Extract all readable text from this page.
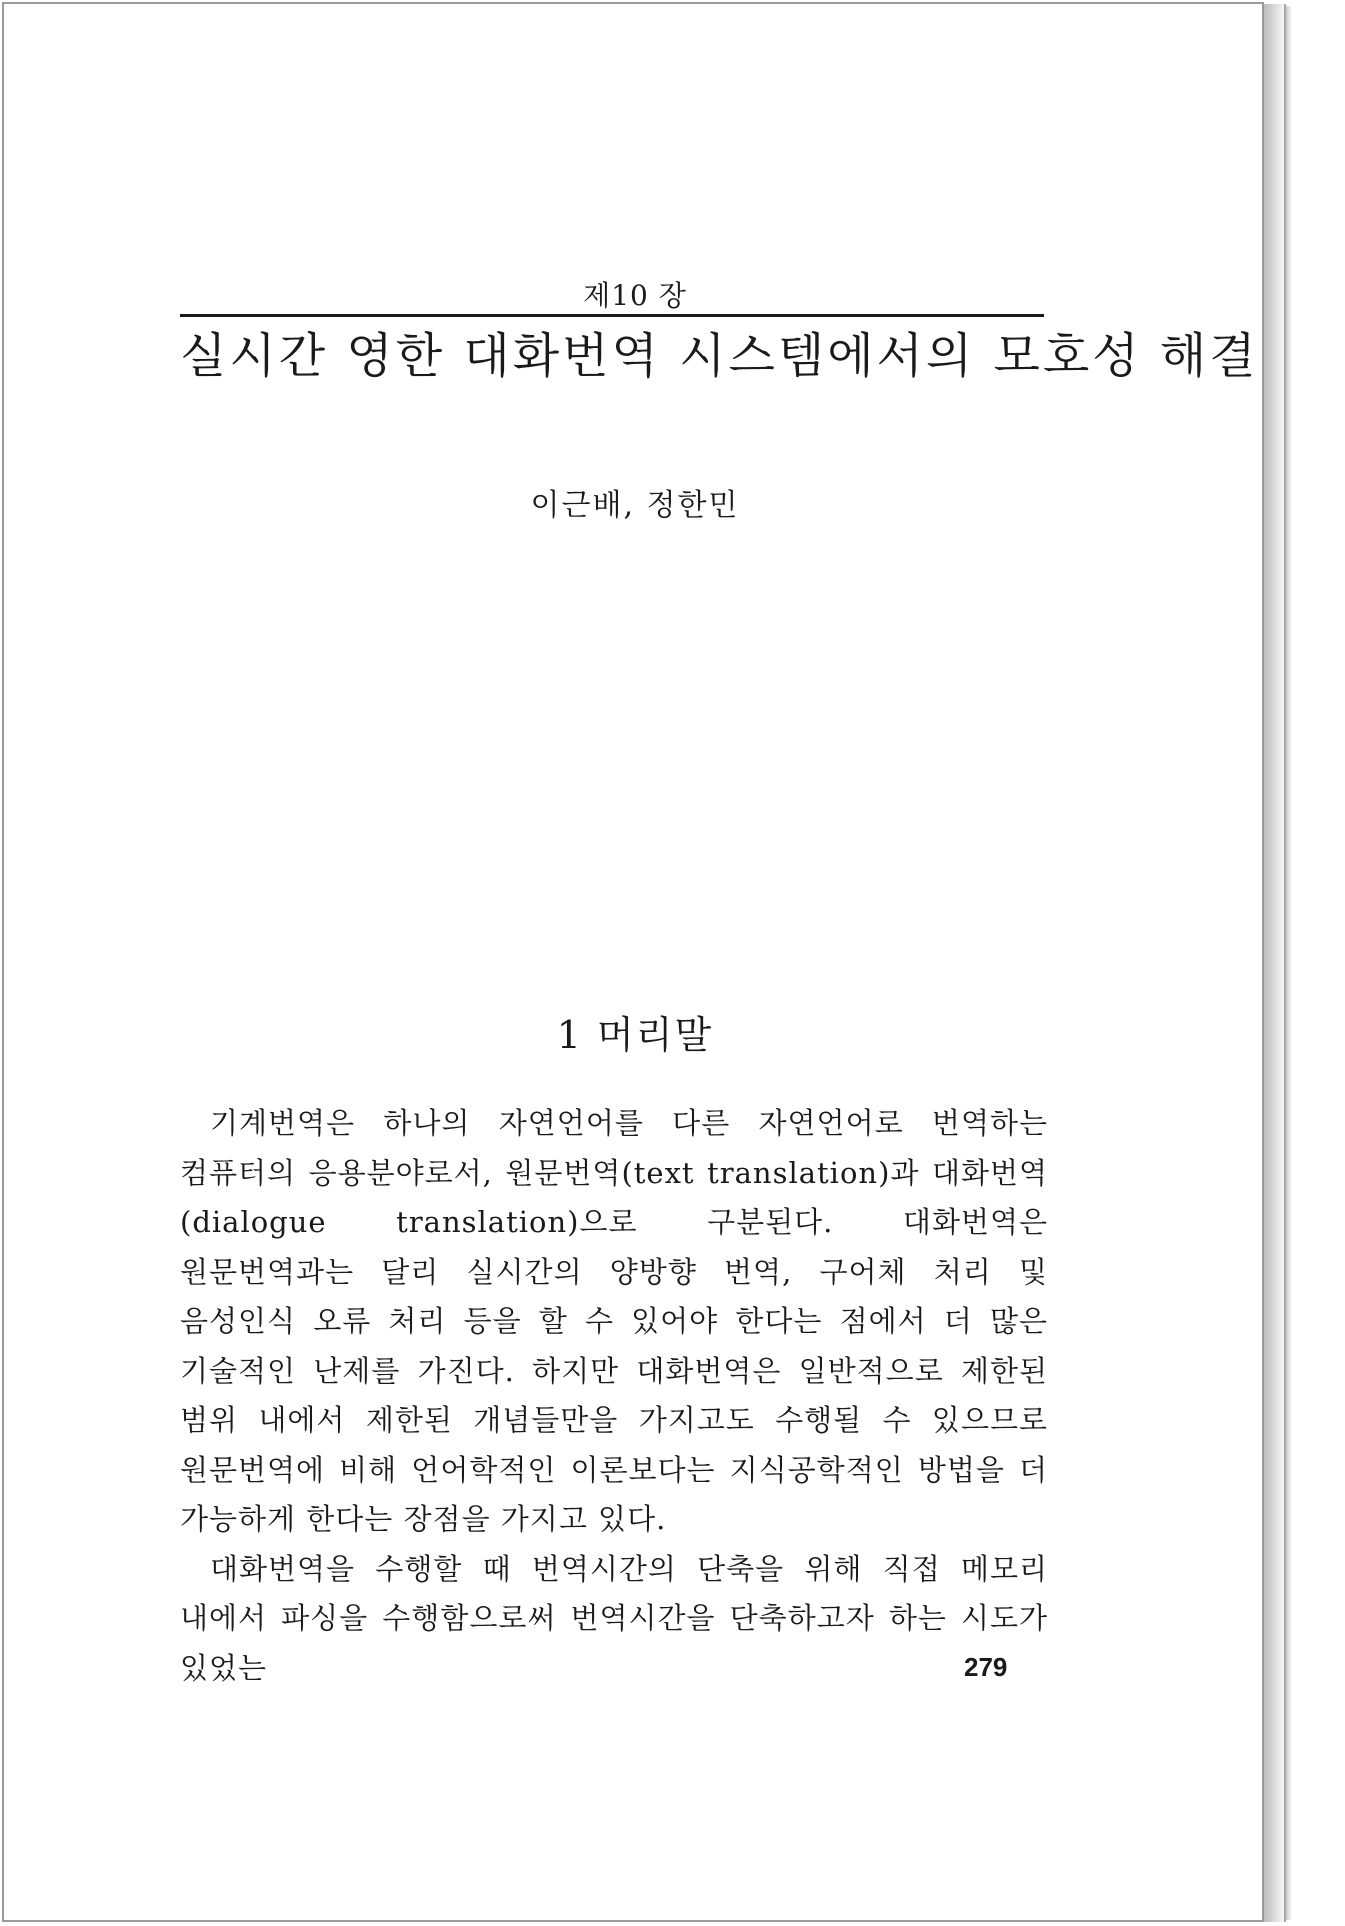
제10 장
실시간 영한 대화번역 시스템에서의 모호성 해결
이근배, 정한민
1 머리말

기계번역은 하나의 자연언어를 다른 자연언어로 번역하는 컴퓨터의 응용분야로서, 원문번역(text translation)과 대화번역(dialogue translation)으로 구분된다. 대화번역은 원문번역과는 달리 실시간의 양방향 번역, 구어체 처리 및 음성인식 오류 처리 등을 할 수 있어야 한다는 점에서 더 많은 기술적인 난제를 가진다. 하지만 대화번역은 일반적으로 제한된 범위 내에서 제한된 개념들만을 가지고도 수행될 수 있으므로 원문번역에 비해 언어학적인 이론보다는 지식공학적인 방법을 더 가능하게 한다는 장점을 가지고 있다.

대화번역을 수행할 때 번역시간의 단축을 위해 직접 메모리 내에서 파싱을 수행함으로써 번역시간을 단축하고자 하는 시도가 있었는	279
